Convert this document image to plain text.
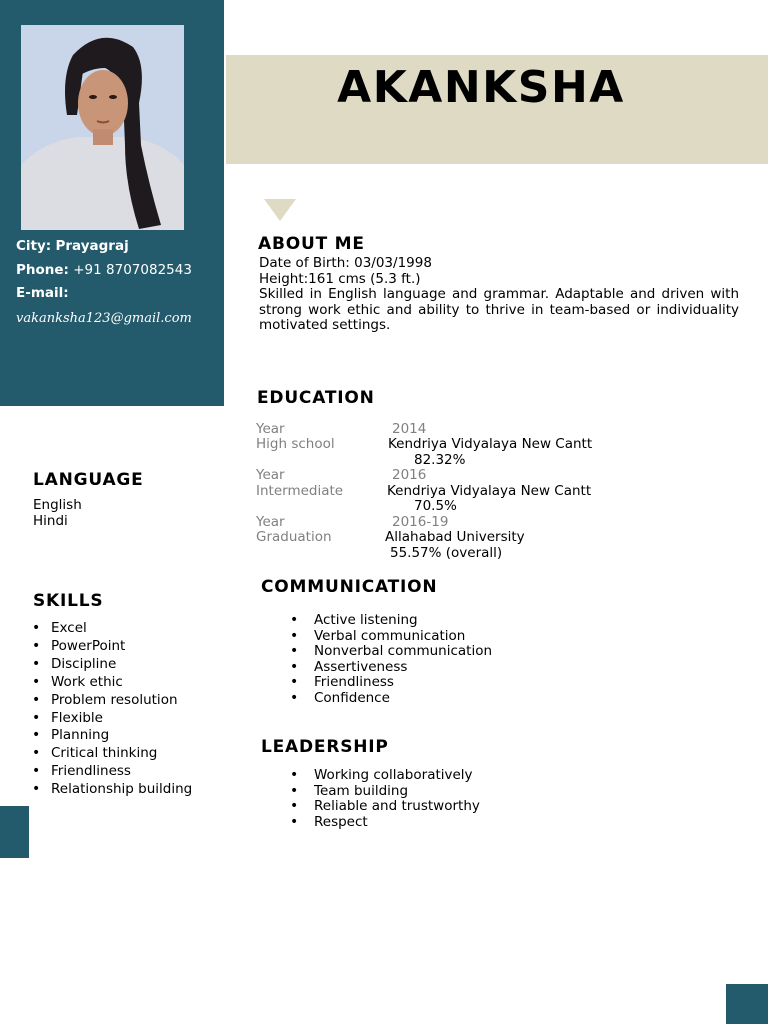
City: Prayagraj
Phone: +91 8707082543
E-mail:
vakanksha123@gmail.com
AKANKSHA
ABOUT ME
Date of Birth: 03/03/1998
Height:161 cms (5.3 ft.)
Skilled in English language and grammar. Adaptable and driven with strong work ethic and ability to thrive in team-based or individuality motivated settings.
EDUCATION
Year	2014
High school	Kendriya Vidyalaya New Cantt
82.32%
Year	2016
Intermediate	Kendriya Vidyalaya New Cantt
70.5%
Year	2016-19
Graduation	Allahabad University
55.57% (overall)
LANGUAGE
English
Hindi
SKILLS
• Excel
• PowerPoint
• Discipline
• Work ethic
• Problem resolution
• Flexible
• Planning
• Critical thinking
• Friendliness
• Relationship building
COMMUNICATION
• Active listening
• Verbal communication
• Nonverbal communication
• Assertiveness
• Friendliness
• Confidence
LEADERSHIP
• Working collaboratively
• Team building
• Reliable and trustworthy
• Respect
